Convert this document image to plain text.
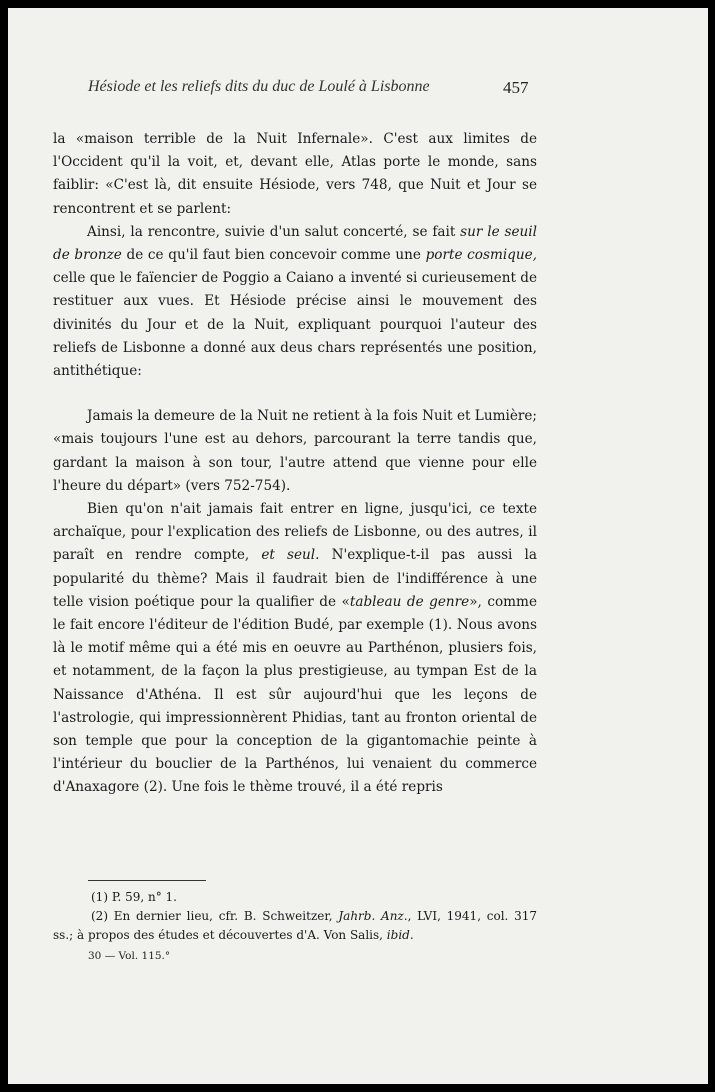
Hésiode et les reliefs dits du duc de Loulé à Lisbonne	457

la «maison terrible de la Nuit Infernale». C'est aux limites de l'Occident qu'il la voit, et, devant elle, Atlas porte le monde, sans faiblir: «C'est là, dit ensuite Hésiode, vers 748, que Nuit et Jour se rencontrent et se parlent:

Ainsi, la rencontre, suivie d'un salut concerté, se fait sur le seuil de bronze de ce qu'il faut bien concevoir comme une porte cosmique, celle que le faïencier de Poggio a Caiano a inventé si curieusement de restituer aux vues. Et Hésiode précise ainsi le mouvement des divinités du Jour et de la Nuit, expliquant pourquoi l'auteur des reliefs de Lisbonne a donné aux deus chars représentés une position, antithétique:

Jamais la demeure de la Nuit ne retient à la fois Nuit et Lumière; «mais toujours l'une est au dehors, parcourant la terre tandis que, gardant la maison à son tour, l'autre attend que vienne pour elle l'heure du départ» (vers 752-754).

Bien qu'on n'ait jamais fait entrer en ligne, jusqu'ici, ce texte archaïque, pour l'explication des reliefs de Lisbonne, ou des autres, il paraît en rendre compte, et seul. N'explique-t-il pas aussi la popularité du thème? Mais il faudrait bien de l'indifférence à une telle vision poétique pour la qualifier de «tableau de genre», comme le fait encore l'éditeur de l'édition Budé, par exemple (1). Nous avons là le motif même qui a été mis en oeuvre au Parthénon, plusiers fois, et notamment, de la façon la plus prestigieuse, au tympan Est de la Naissance d'Athéna. Il est sûr aujourd'hui que les leçons de l'astrologie, qui impressionnèrent Phidias, tant au fronton oriental de son temple que pour la conception de la gigantomachie peinte à l'intérieur du bouclier de la Parthénos, lui venaient du commerce d'Anaxagore (2). Une fois le thème trouvé, il a été repris

(1) P. 59, n° 1.

(2) En dernier lieu, cfr. B. Schweitzer, Jahrb. Anz., LVI, 1941, col. 317 ss.; à propos des études et découvertes d'A. Von Salis, ibid.

30 — Vol. 115.°
